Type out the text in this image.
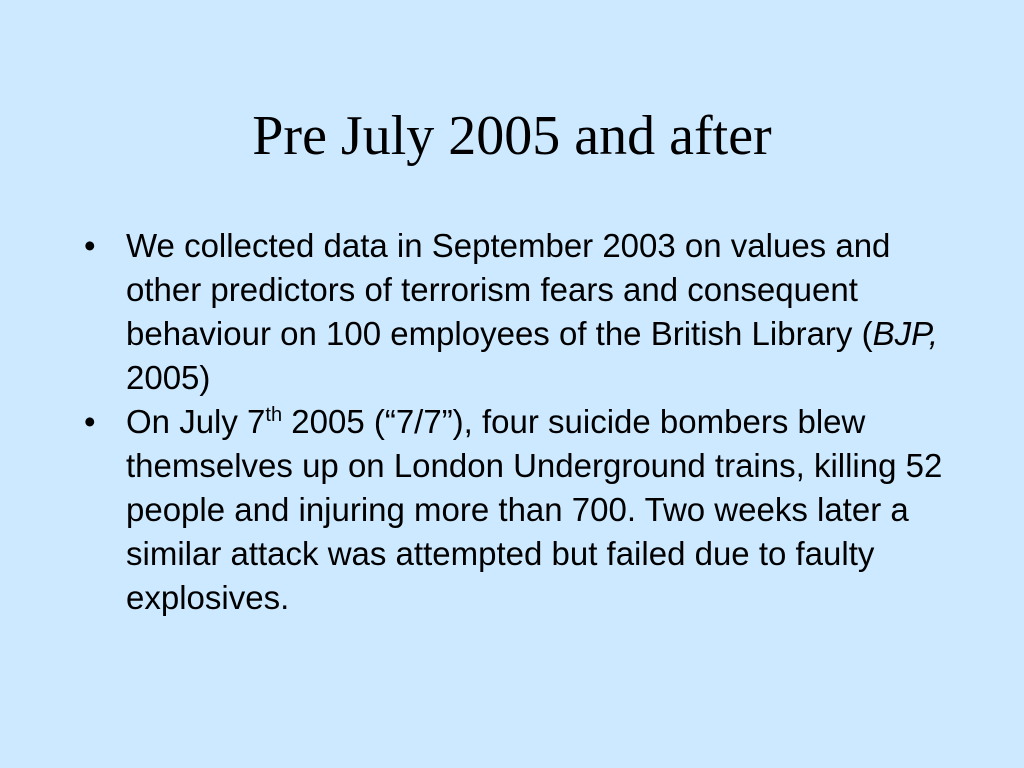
Pre July 2005 and after
• We collected data in September 2003 on values and other predictors of terrorism fears and consequent behaviour on 100 employees of the British Library (BJP, 2005)
• On July 7th 2005 (“7/7”), four suicide bombers blew themselves up on London Underground trains, killing 52 people and injuring more than 700. Two weeks later a similar attack was attempted but failed due to faulty explosives.
